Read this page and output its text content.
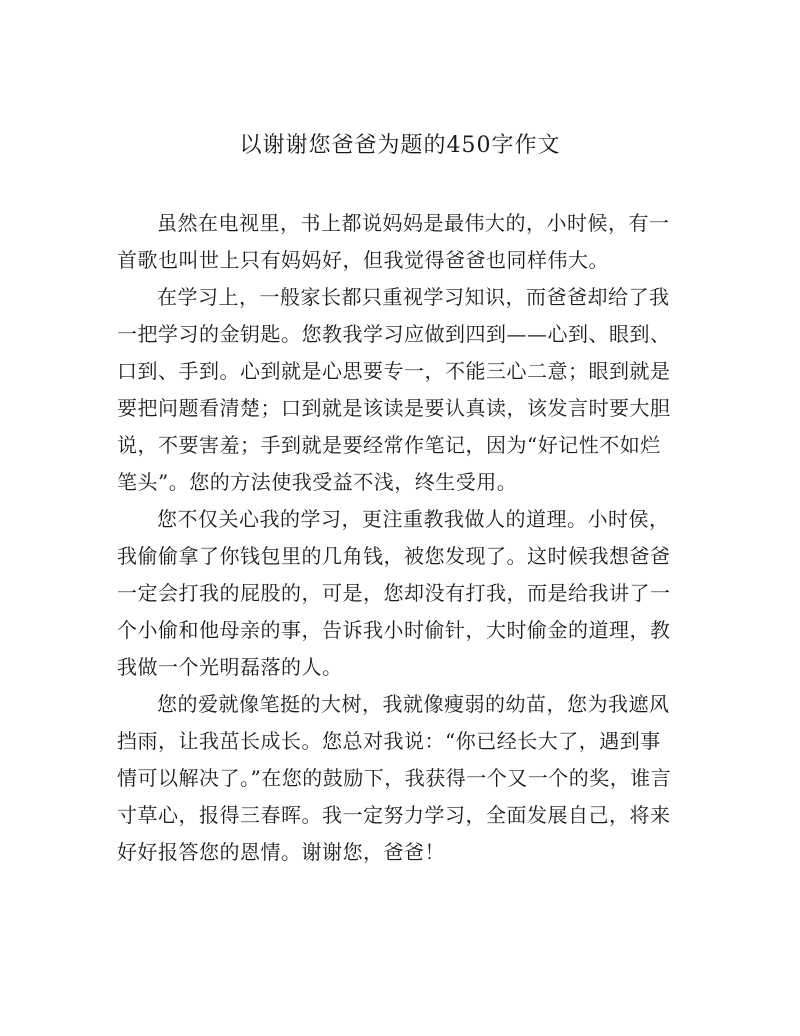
以谢谢您爸爸为题的450字作文

虽然在电视里，书上都说妈妈是最伟大的，小时候，有一首歌也叫世上只有妈妈好，但我觉得爸爸也同样伟大。

在学习上，一般家长都只重视学习知识，而爸爸却给了我一把学习的金钥匙。您教我学习应做到四到——心到、眼到、口到、手到。心到就是心思要专一，不能三心二意；眼到就是要把问题看清楚；口到就是该读是要认真读，该发言时要大胆说，不要害羞；手到就是要经常作笔记，因为“好记性不如烂笔头”。您的方法使我受益不浅，终生受用。

您不仅关心我的学习，更注重教我做人的道理。小时侯，我偷偷拿了你钱包里的几角钱，被您发现了。这时候我想爸爸一定会打我的屁股的，可是，您却没有打我，而是给我讲了一个小偷和他母亲的事，告诉我小时偷针，大时偷金的道理，教我做一个光明磊落的人。

您的爱就像笔挺的大树，我就像瘦弱的幼苗，您为我遮风挡雨，让我茁长成长。您总对我说：“你已经长大了，遇到事情可以解决了。”在您的鼓励下，我获得一个又一个的奖，谁言寸草心，报得三春晖。我一定努力学习，全面发展自己，将来好好报答您的恩情。谢谢您，爸爸！
